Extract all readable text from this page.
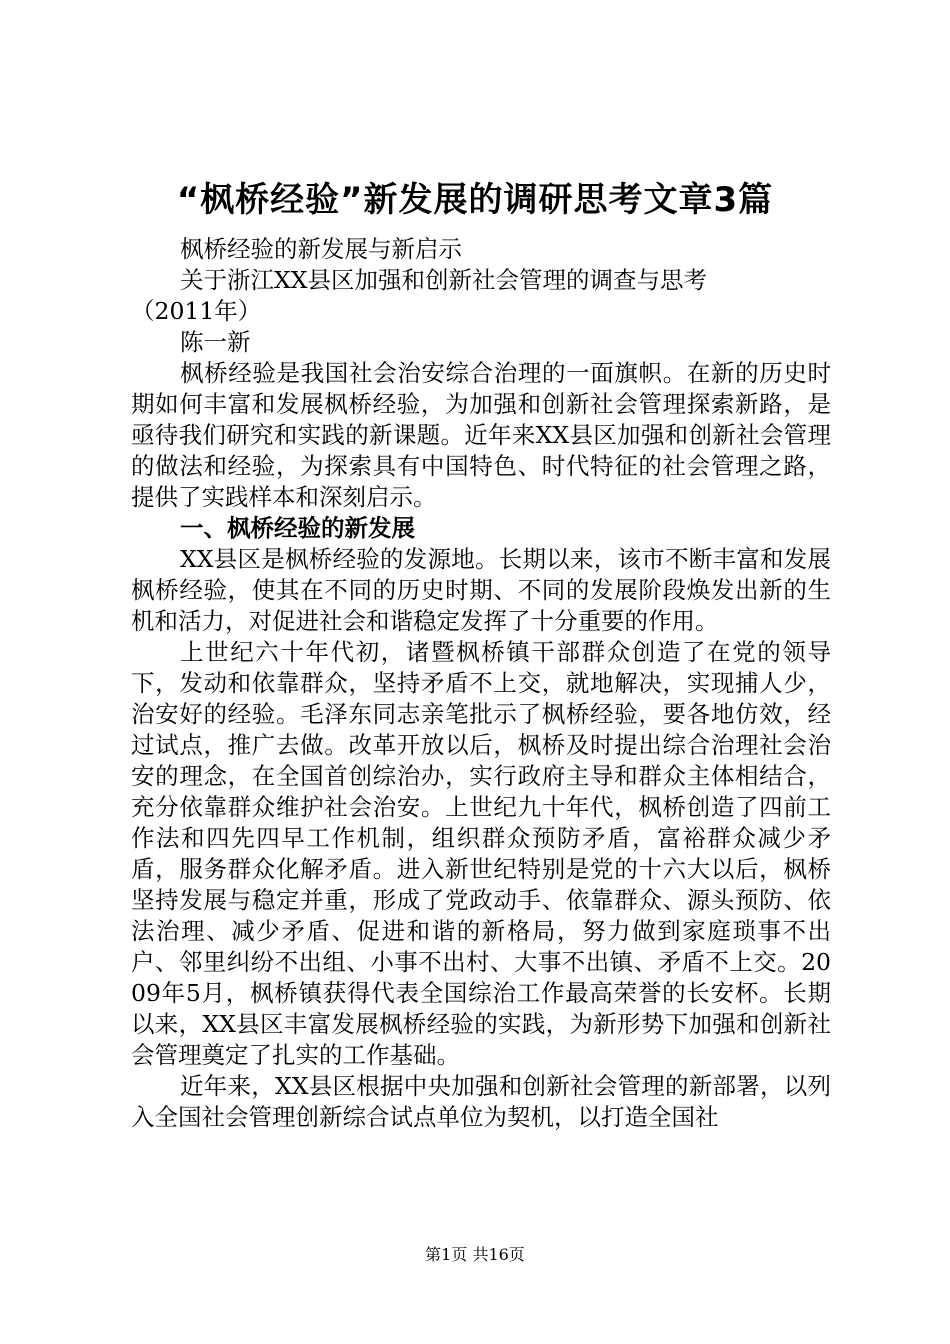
“枫桥经验”新发展的调研思考文章3篇

枫桥经验的新发展与新启示

关于浙江XX县区加强和创新社会管理的调查与思考

（2011年）

陈一新

枫桥经验是我国社会治安综合治理的一面旗帜。在新的历史时期如何丰富和发展枫桥经验，为加强和创新社会管理探索新路，是亟待我们研究和实践的新课题。近年来XX县区加强和创新社会管理的做法和经验，为探索具有中国特色、时代特征的社会管理之路，提供了实践样本和深刻启示。

一、枫桥经验的新发展

XX县区是枫桥经验的发源地。长期以来，该市不断丰富和发展枫桥经验，使其在不同的历史时期、不同的发展阶段焕发出新的生机和活力，对促进社会和谐稳定发挥了十分重要的作用。

上世纪六十年代初，诸暨枫桥镇干部群众创造了在党的领导下，发动和依靠群众，坚持矛盾不上交，就地解决，实现捕人少，治安好的经验。毛泽东同志亲笔批示了枫桥经验，要各地仿效，经过试点，推广去做。改革开放以后，枫桥及时提出综合治理社会治安的理念，在全国首创综治办，实行政府主导和群众主体相结合，充分依靠群众维护社会治安。上世纪九十年代，枫桥创造了四前工作法和四先四早工作机制，组织群众预防矛盾，富裕群众减少矛盾，服务群众化解矛盾。进入新世纪特别是党的十六大以后，枫桥坚持发展与稳定并重，形成了党政动手、依靠群众、源头预防、依法治理、减少矛盾、促进和谐的新格局，努力做到家庭琐事不出户、邻里纠纷不出组、小事不出村、大事不出镇、矛盾不上交。2009年5月，枫桥镇获得代表全国综治工作最高荣誉的长安杯。长期以来，XX县区丰富发展枫桥经验的实践，为新形势下加强和创新社会管理奠定了扎实的工作基础。

近年来，XX县区根据中央加强和创新社会管理的新部署，以列入全国社会管理创新综合试点单位为契机，以打造全国社

第1页 共16页
